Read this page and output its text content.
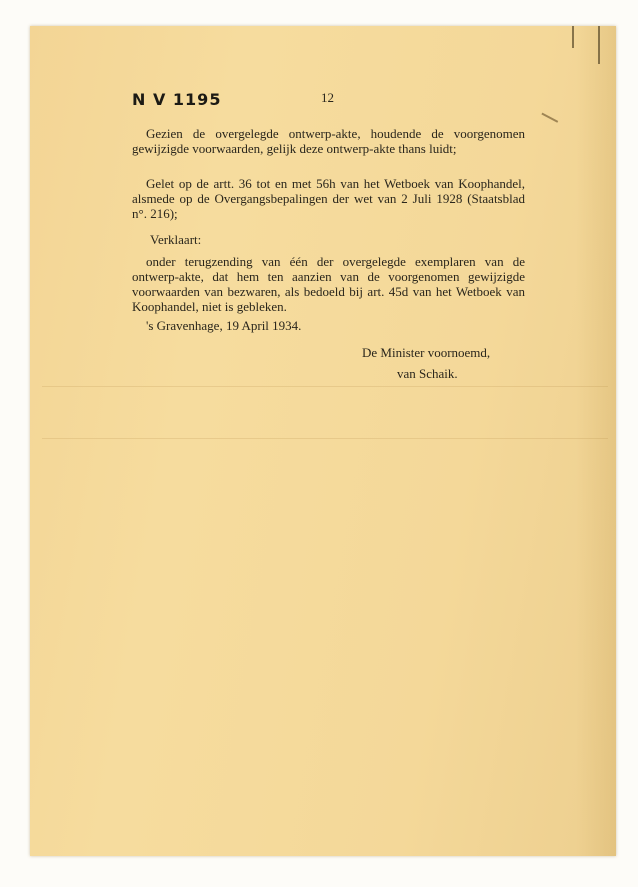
N V 1195	12

Gezien de overgelegde ontwerp-akte, houdende de voorgenomen gewijzigde voorwaarden, gelijk deze ontwerp-akte thans luidt;

Gelet op de artt. 36 tot en met 56h van het Wetboek van Koophandel, alsmede op de Overgangsbepalingen der wet van 2 Juli 1928 (Staatsblad n°. 216);

Verklaart:

onder terugzending van één der overgelegde exemplaren van de ontwerp-akte, dat hem ten aanzien van de voorgenomen gewijzigde voorwaarden van bezwaren, als bedoeld bij art. 45d van het Wetboek van Koophandel, niet is gebleken.

's Gravenhage, 19 April 1934.

De Minister voornoemd,

van Schaik.
